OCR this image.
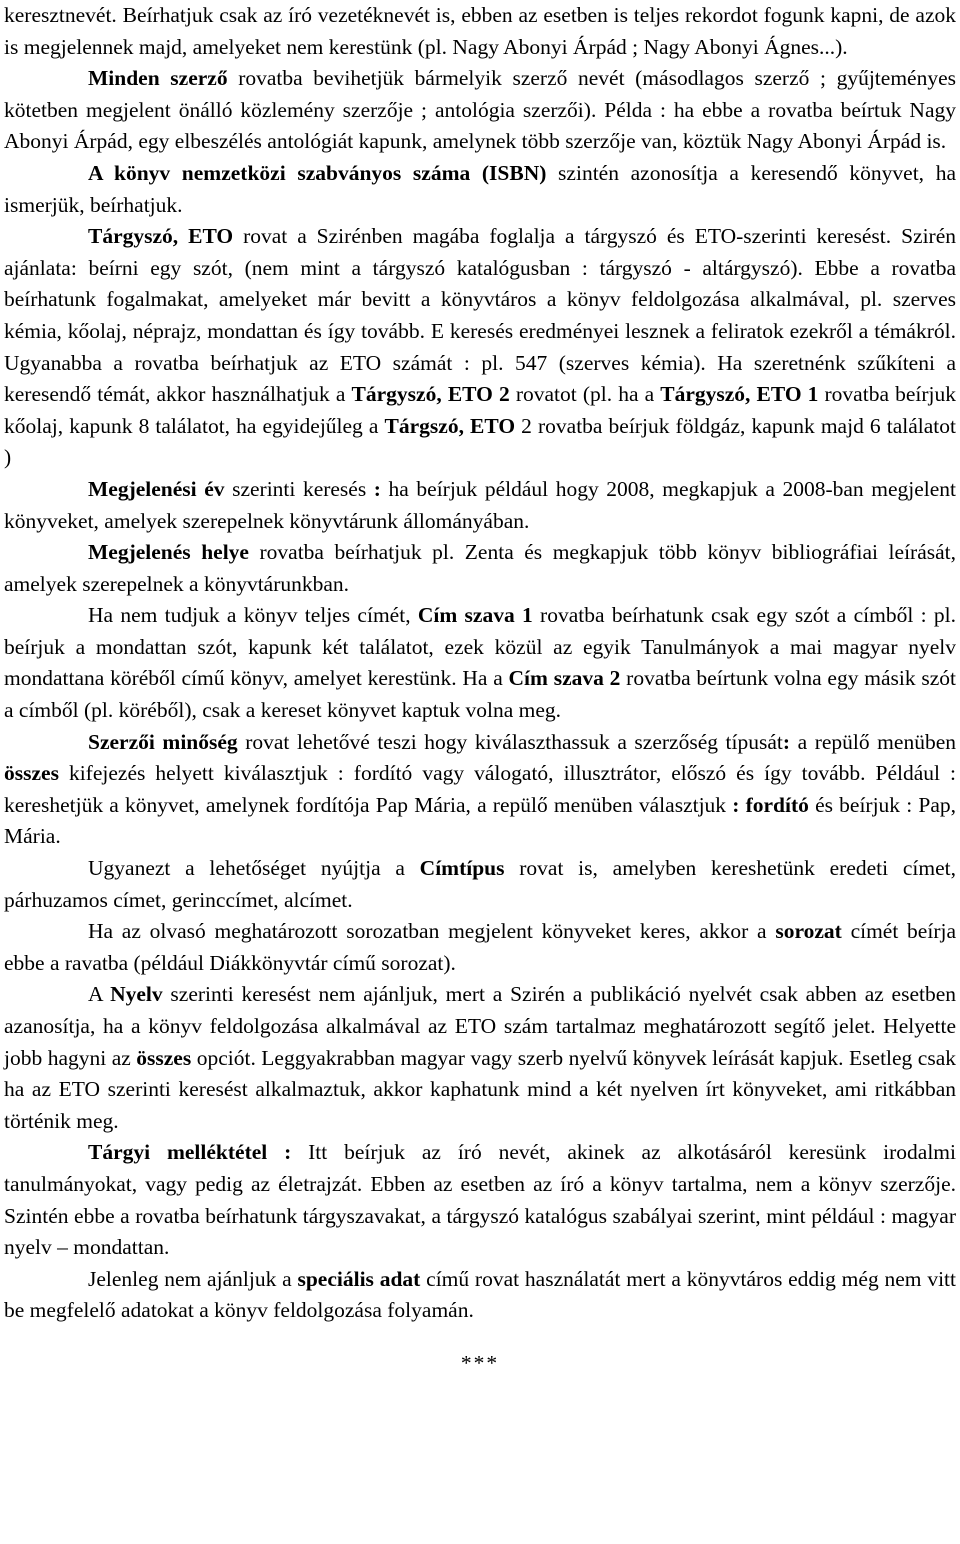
keresztnevét. Beírhatjuk csak az író vezetéknevét is, ebben az esetben is teljes rekordot fogunk kapni, de azok is megjelennek majd, amelyeket nem kerestünk (pl. Nagy Abonyi Árpád ; Nagy Abonyi Ágnes...).

Minden szerző rovatba bevihetjük bármelyik szerző nevét (másodlagos szerző ; gyűjteményes kötetben megjelent önálló közlemény szerzője ; antológia szerzői). Példa : ha ebbe a rovatba beírtuk Nagy Abonyi Árpád, egy elbeszélés antológiát kapunk, amelynek több szerzője van, köztük Nagy Abonyi Árpád is.

A könyv nemzetközi szabványos száma (ISBN) szintén azonosítja a keresendő könyvet, ha ismerjük, beírhatjuk.

Tárgyszó, ETO rovat a Szirénben magába foglalja a tárgyszó és ETO-szerinti keresést. Szirén ajánlata: beírni egy szót, (nem mint a tárgyszó katalógusban : tárgyszó - altárgyszó). Ebbe a rovatba beírhatunk fogalmakat, amelyeket már bevitt a könyvtáros a könyv feldolgozása alkalmával, pl. szerves kémia, kőolaj, néprajz, mondattan és így tovább. E keresés eredményei lesznek a feliratok ezekről a témákról. Ugyanabba a rovatba beírhatjuk az ETO számát : pl. 547 (szerves kémia). Ha szeretnénk szűkíteni a keresendő témát, akkor használhatjuk a Tárgyszó, ETO 2 rovatot (pl. ha a Tárgyszó, ETO 1 rovatba beírjuk kőolaj, kapunk 8 találatot, ha egyidejűleg a Tárgszó, ETO 2 rovatba beírjuk földgáz, kapunk majd 6 találatot )

Megjelenési év szerinti keresés : ha beírjuk például hogy 2008, megkapjuk a 2008-ban megjelent könyveket, amelyek szerepelnek könyvtárunk állományában.

Megjelenés helye rovatba beírhatjuk pl. Zenta és megkapjuk több könyv bibliográfiai leírását, amelyek szerepelnek a könyvtárunkban.

Ha nem tudjuk a könyv teljes címét, Cím szava 1 rovatba beírhatunk csak egy szót a címből : pl. beírjuk a mondattan szót, kapunk két találatot, ezek közül az egyik Tanulmányok a mai magyar nyelv mondattana köréből című könyv, amelyet kerestünk. Ha a Cím szava 2 rovatba beírtunk volna egy másik szót a címből (pl. köréből), csak a kereset könyvet kaptuk volna meg.

Szerzői minőség rovat lehetővé teszi hogy kiválaszthassuk a szerzőség típusát: a repülő menüben összes kifejezés helyett kiválasztjuk : fordító vagy válogató, illusztrátor, előszó és így tovább. Például : kereshetjük a könyvet, amelynek fordítója Pap Mária, a repülő menüben választjuk : fordító és beírjuk : Pap, Mária.

Ugyanezt a lehetőséget nyújtja a Címtípus rovat is, amelyben kereshetünk eredeti címet, párhuzamos címet, gerinccímet, alcímet.

Ha az olvasó meghatározott sorozatban megjelent könyveket keres, akkor a sorozat címét beírja ebbe a ravatba (például Diákkönyvtár című sorozat).

A Nyelv szerinti keresést nem ajánljuk, mert a Szirén a publikáció nyelvét csak abben az esetben azanosítja, ha a könyv feldolgozása alkalmával az ETO szám tartalmaz meghatározott segítő jelet. Helyette jobb hagyni az összes opciót. Leggyakrabban magyar vagy szerb nyelvű könyvek leírását kapjuk. Esetleg csak ha az ETO szerinti keresést alkalmaztuk, akkor kaphatunk mind a két nyelven írt könyveket, ami ritkábban történik meg.

Tárgyi melléktétel : Itt beírjuk az író nevét, akinek az alkotásáról keresünk irodalmi tanulmányokat, vagy pedig az életrajzát. Ebben az esetben az író a könyv tartalma, nem a könyv szerzője. Szintén ebbe a rovatba beírhatunk tárgyszavakat, a tárgyszó katalógus szabályai szerint, mint például : magyar nyelv – mondattan.

Jelenleg nem ajánljuk a speciális adat című rovat használatát mert a könyvtáros eddig még nem vitt be megfelelő adatokat a könyv feldolgozása folyamán.

***
